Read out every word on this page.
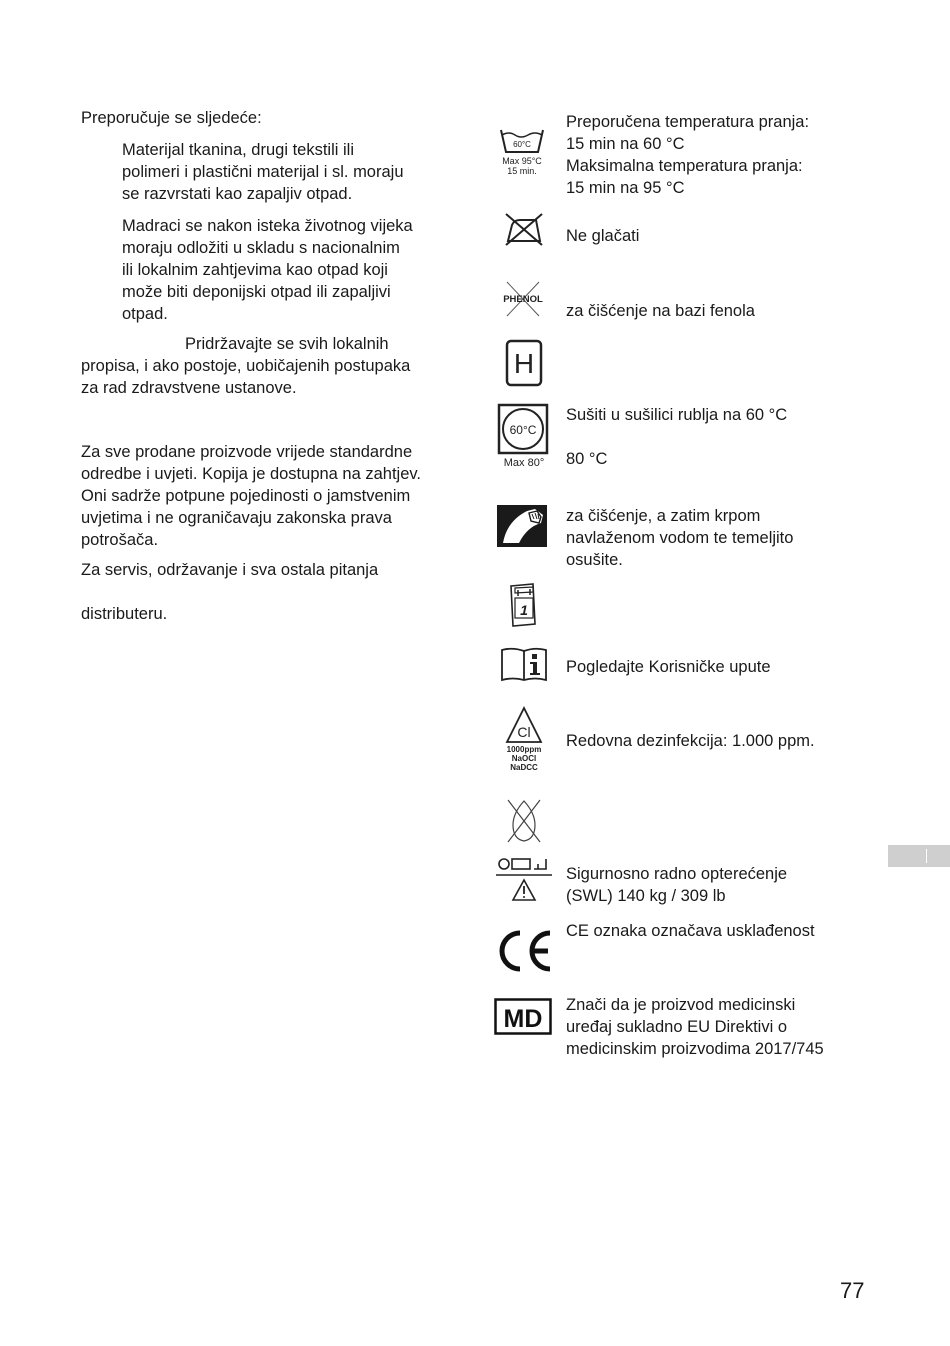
Preporučuje se sljedeće:
Materijal tkanina, drugi tekstili ili
polimeri i plastični materijal i sl. moraju
se razvrstati kao zapaljiv otpad.
Madraci se nakon isteka životnog vijeka
moraju odložiti u skladu s nacionalnim
ili lokalnim zahtjevima kao otpad koji
može biti deponijski otpad ili zapaljivi
otpad.
Pridržavajte se svih lokalnih
propisa, i ako postoje, uobičajenih postupaka
za rad zdravstvene ustanove.
Za sve prodane proizvode vrijede standardne
odredbe i uvjeti. Kopija je dostupna na zahtjev.
Oni sadrže potpune pojedinosti o jamstvenim
uvjetima i ne ograničavaju zakonska prava
potrošača.
Za servis, održavanje i sva ostala pitanja
distributeru.
60°C
Max 95°C
15 min.
PHENOL
H
60°C
Max 80°
1
Cl
1000ppm
NaOCl
NaDCC
MD
Preporučena temperatura pranja:
15 min na 60 °C
Maksimalna temperatura pranja:
15 min na 95 °C
Ne glačati
za čišćenje na bazi fenola
Sušiti u sušilici rublja na 60 °C
80 °C
za čišćenje, a zatim krpom
navlaženom vodom te temeljito
osušite.
Pogledajte Korisničke upute
Redovna dezinfekcija: 1.000 ppm.
Sigurnosno radno opterećenje
(SWL) 140 kg / 309 lb
CE oznaka označava usklađenost
Znači da je proizvod medicinski
uređaj sukladno EU Direktivi o
medicinskim proizvodima 2017/745
77
